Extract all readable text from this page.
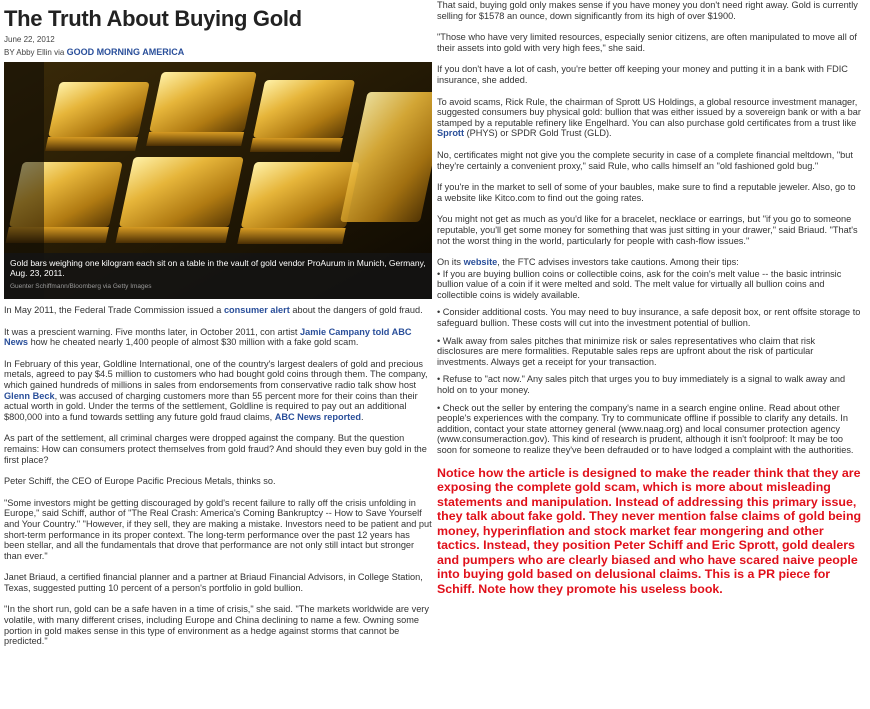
The Truth About Buying Gold
June 22, 2012
BY Abby Ellin via GOOD MORNING AMERICA
Gold bars weighing one kilogram each sit on a table in the vault of gold vendor ProAurum in Munich, Germany, Aug. 23, 2011.
Guenter Schiffmann/Bloomberg via Getty Images

In May 2011, the Federal Trade Commission issued a consumer alert about the dangers of gold fraud.

It was a prescient warning. Five months later, in October 2011, con artist Jamie Campany told ABC News how he cheated nearly 1,400 people of almost $30 million with a fake gold scam.

In February of this year, Goldline International, one of the country's largest dealers of gold and precious metals, agreed to pay $4.5 million to customers who had bought gold coins through them. The company, which gained hundreds of millions in sales from endorsements from conservative radio talk show host Glenn Beck, was accused of charging customers more than 55 percent more for their coins than their actual worth in gold. Under the terms of the settlement, Goldline is required to pay out an additional $800,000 into a fund towards settling any future gold fraud claims, ABC News reported.

As part of the settlement, all criminal charges were dropped against the company. But the question remains: How can consumers protect themselves from gold fraud? And should they even buy gold in the first place?

Peter Schiff, the CEO of Europe Pacific Precious Metals, thinks so.

"Some investors might be getting discouraged by gold's recent failure to rally off the crisis unfolding in Europe," said Schiff, author of "The Real Crash: America's Coming Bankruptcy -- How to Save Yourself and Your Country." "However, if they sell, they are making a mistake. Investors need to be patient and put short-term performance in its proper context. The long-term performance over the past 12 years has been stellar, and all the fundamentals that drove that performance are not only still intact but stronger than ever."

Janet Briaud, a certified financial planner and a partner at Briaud Financial Advisors, in College Station, Texas, suggested putting 10 percent of a person's portfolio in gold bullion.

"In the short run, gold can be a safe haven in a time of crisis," she said. "The markets worldwide are very volatile, with many different crises, including Europe and China declining to name a few. Owning some portion in gold makes sense in this type of environment as a hedge against storms that cannot be predicted."

That said, buying gold only makes sense if you have money you don't need right away. Gold is currently selling for $1578 an ounce, down significantly from its high of over $1900.

"Those who have very limited resources, especially senior citizens, are often manipulated to move all of their assets into gold with very high fees," she said.

If you don't have a lot of cash, you're better off keeping your money and putting it in a bank with FDIC insurance, she added.

To avoid scams, Rick Rule, the chairman of Sprott US Holdings, a global resource investment manager, suggested consumers buy physical gold: bullion that was either issued by a sovereign bank or with a bar stamped by a reputable refinery like Engelhard. You can also purchase gold certificates from a trust like Sprott (PHYS) or SPDR Gold Trust (GLD).

No, certificates might not give you the complete security in case of a complete financial meltdown, "but they're certainly a convenient proxy," said Rule, who calls himself an "old fashioned gold bug."

If you're in the market to sell of some of your baubles, make sure to find a reputable jeweler. Also, go to a website like Kitco.com to find out the going rates.

You might not get as much as you'd like for a bracelet, necklace or earrings, but "if you go to someone reputable, you'll get some money for something that was just sitting in your drawer," said Briaud. "That's not the worst thing in the world, particularly for people with cash-flow issues."

On its website, the FTC advises investors take cautions. Among their tips:

• If you are buying bullion coins or collectible coins, ask for the coin's melt value -- the basic intrinsic bullion value of a coin if it were melted and sold. The melt value for virtually all bullion coins and collectible coins is widely available.

• Consider additional costs. You may need to buy insurance, a safe deposit box, or rent offsite storage to safeguard bullion. These costs will cut into the investment potential of bullion.

• Walk away from sales pitches that minimize risk or sales representatives who claim that risk disclosures are mere formalities. Reputable sales reps are upfront about the risk of particular investments. Always get a receipt for your transaction.

• Refuse to "act now." Any sales pitch that urges you to buy immediately is a signal to walk away and hold on to your money.

• Check out the seller by entering the company's name in a search engine online. Read about other people's experiences with the company. Try to communicate offline if possible to clarify any details. In addition, contact your state attorney general (www.naag.org) and local consumer protection agency (www.consumeraction.gov). This kind of research is prudent, although it isn't foolproof: It may be too soon for someone to realize they've been defrauded or to have lodged a complaint with the authorities.

Notice how the article is designed to make the reader think that they are exposing the complete gold scam, which is more about misleading statements and manipulation. Instead of addressing this primary issue, they talk about fake gold. They never mention false claims of gold being money, hyperinflation and stock market fear mongering and other tactics. Instead, they position Peter Schiff and Eric Sprott, gold dealers and pumpers who are clearly biased and who have scared naive people into buying gold based on delusional claims. This is a PR piece for Schiff. Note how they promote his useless book.
